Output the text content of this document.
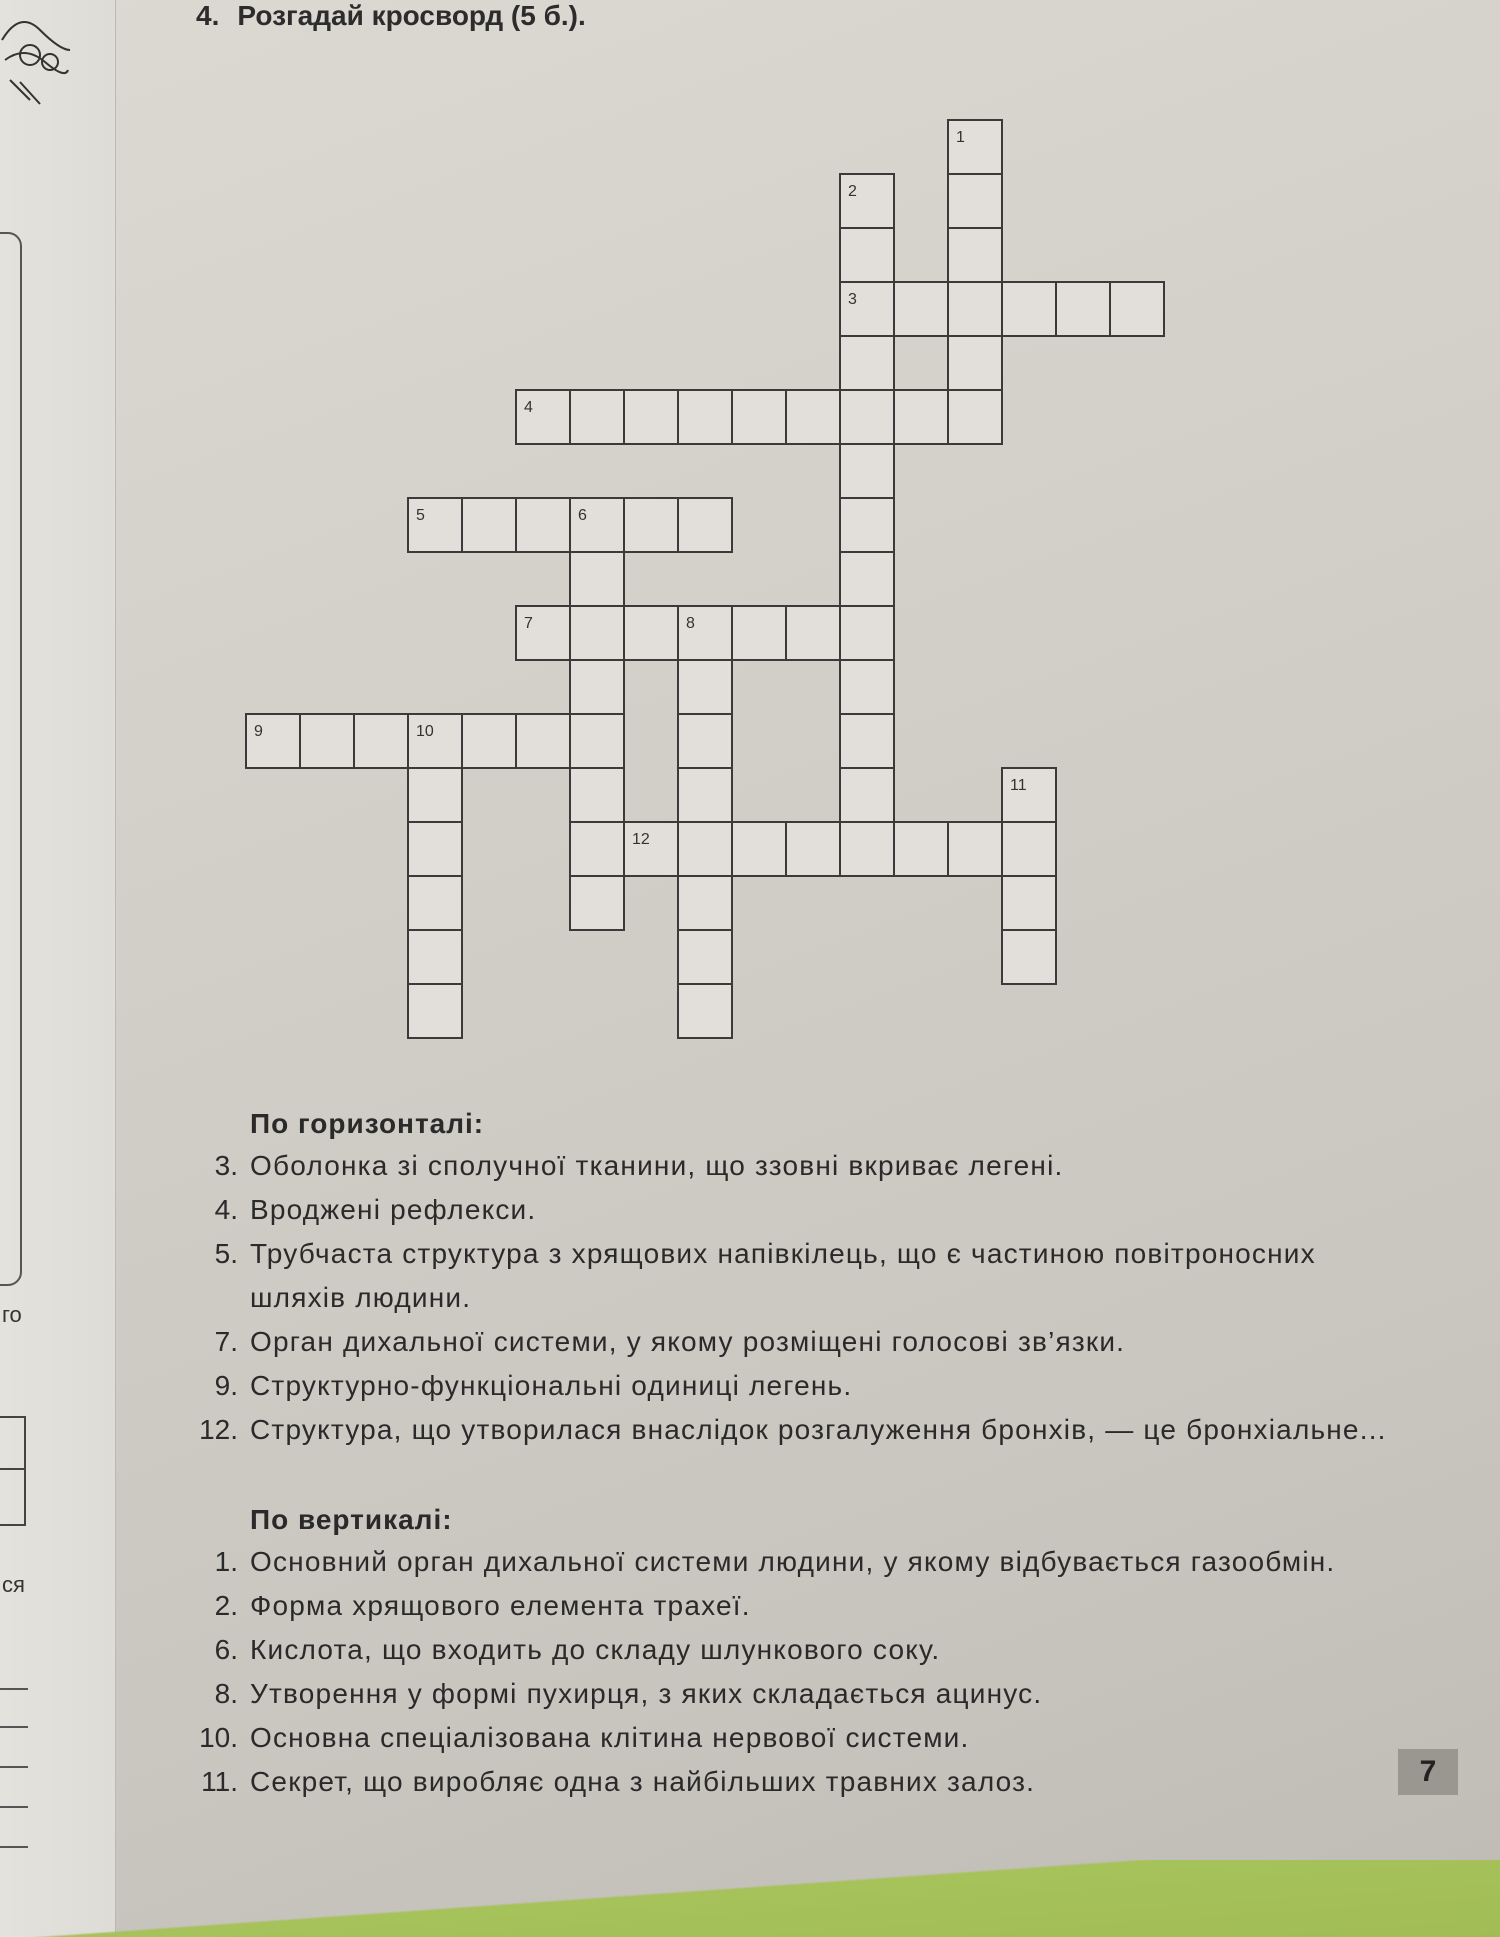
го
ся
4. Розгадай кросворд (5 б.).
1
2
3
4
5	6
7	8
9	10
11
12
По горизонталі:
3. Оболонка зі сполучної тканини, що ззовні вкриває легені.
4. Вроджені рефлекси.
5. Трубчаста структура з хрящових напівкілець, що є частиною повітроносних
шляхів людини.
7. Орган дихальної системи, у якому розміщені голосові зв’язки.
9. Структурно-функціональні одиниці легень.
12. Структура, що утворилася внаслідок розгалуження бронхів, — це бронхіальне...
По вертикалі:
1. Основний орган дихальної системи людини, у якому відбувається газообмін.
2. Форма хрящового елемента трахеї.
6. Кислота, що входить до складу шлункового соку.
8. Утворення у формі пухирця, з яких складається ацинус.
10. Основна спеціалізована клітина нервової системи.
11. Секрет, що виробляє одна з найбільших травних залоз.	7
